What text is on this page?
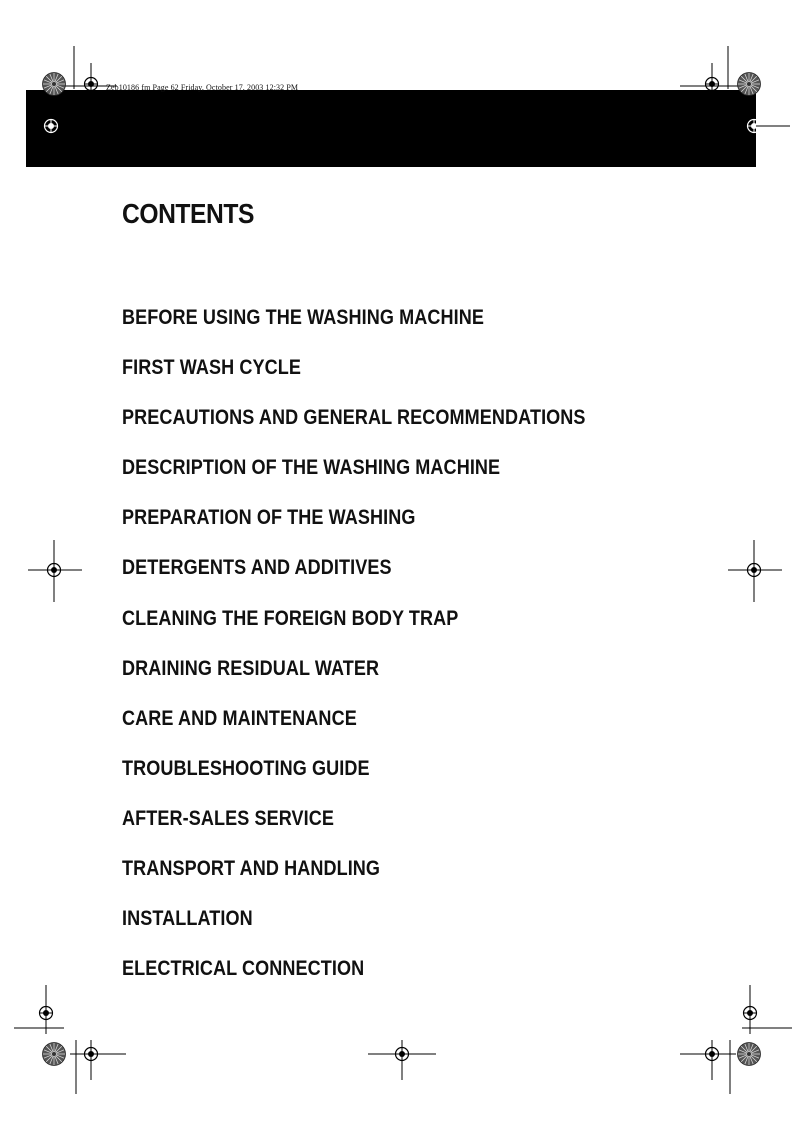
Zeb10186 fm Page 62 Friday, October 17, 2003 12:32 PM
CONTENTS
BEFORE USING THE WASHING MACHINE
FIRST WASH CYCLE
PRECAUTIONS AND GENERAL RECOMMENDATIONS
DESCRIPTION OF THE WASHING MACHINE
PREPARATION OF THE WASHING
DETERGENTS AND ADDITIVES
CLEANING THE FOREIGN BODY TRAP
DRAINING RESIDUAL WATER
CARE AND MAINTENANCE
TROUBLESHOOTING GUIDE
AFTER-SALES SERVICE
TRANSPORT AND HANDLING
INSTALLATION
ELECTRICAL CONNECTION
